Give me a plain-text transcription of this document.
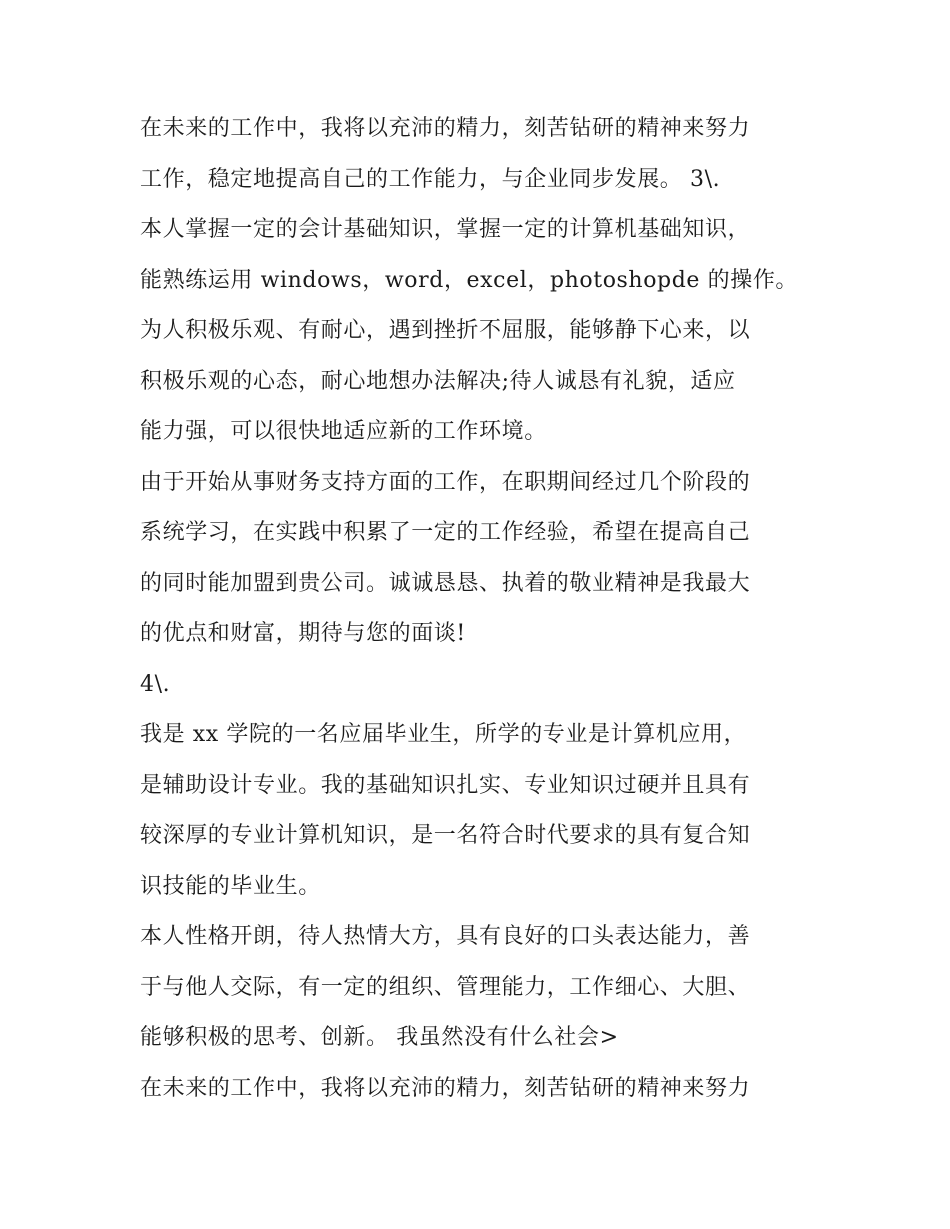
在未来的工作中，我将以充沛的精力，刻苦钻研的精神来努力
工作，稳定地提高自己的工作能力，与企业同步发展。 3\.
本人掌握一定的会计基础知识，掌握一定的计算机基础知识，
能熟练运用 windows，word，excel，photoshopde 的操作。
为人积极乐观、有耐心，遇到挫折不屈服，能够静下心来，以
积极乐观的心态，耐心地想办法解决;待人诚恳有礼貌，适应
能力强，可以很快地适应新的工作环境。
由于开始从事财务支持方面的工作，在职期间经过几个阶段的
系统学习，在实践中积累了一定的工作经验，希望在提高自己
的同时能加盟到贵公司。诚诚恳恳、执着的敬业精神是我最大
的优点和财富，期待与您的面谈!
4\.
我是 xx 学院的一名应届毕业生，所学的专业是计算机应用，
是辅助设计专业。我的基础知识扎实、专业知识过硬并且具有
较深厚的专业计算机知识，是一名符合时代要求的具有复合知
识技能的毕业生。
本人性格开朗，待人热情大方，具有良好的口头表达能力，善
于与他人交际，有一定的组织、管理能力，工作细心、大胆、
能够积极的思考、创新。 我虽然没有什么社会>
在未来的工作中，我将以充沛的精力，刻苦钻研的精神来努力
